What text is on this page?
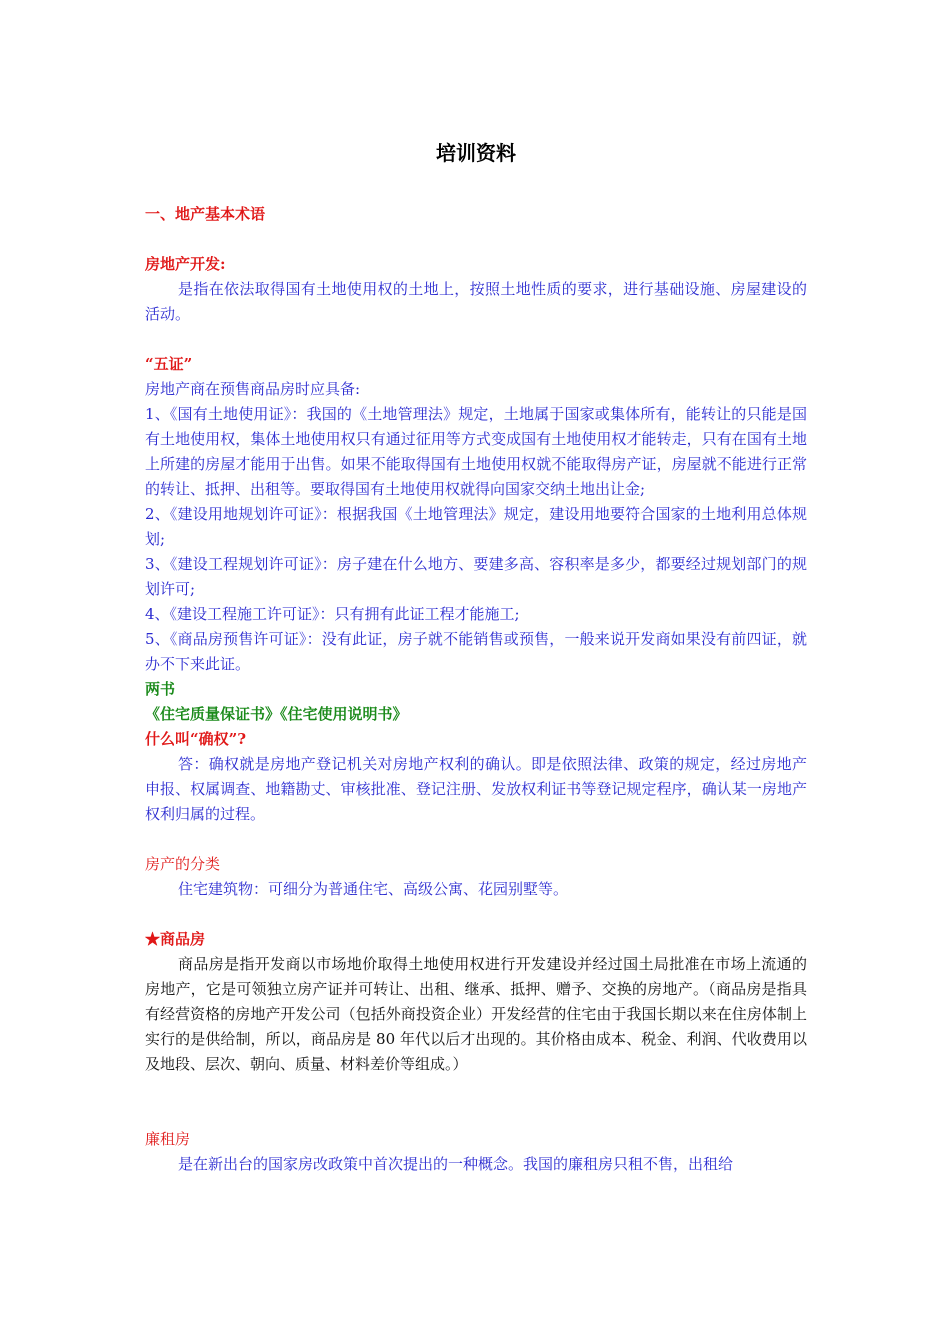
培训资料

一、地产基本术语

房地产开发:

是指在依法取得国有土地使用权的土地上，按照土地性质的要求，进行基础设施、房屋建设的活动。

“五证”

房地产商在预售商品房时应具备:

1、《国有土地使用证》：我国的《土地管理法》规定，土地属于国家或集体所有，能转让的只能是国有土地使用权，集体土地使用权只有通过征用等方式变成国有土地使用权才能转走，只有在国有土地上所建的房屋才能用于出售。如果不能取得国有土地使用权就不能取得房产证，房屋就不能进行正常的转让、抵押、出租等。要取得国有土地使用权就得向国家交纳土地出让金;

2、《建设用地规划许可证》：根据我国《土地管理法》规定，建设用地要符合国家的土地利用总体规划;

3、《建设工程规划许可证》：房子建在什么地方、要建多高、容积率是多少，都要经过规划部门的规划许可;

4、《建设工程施工许可证》：只有拥有此证工程才能施工;

5、《商品房预售许可证》：没有此证，房子就不能销售或预售，一般来说开发商如果没有前四证，就办不下来此证。

两书

《住宅质量保证书》《住宅使用说明书》

什么叫“确权”?

答：确权就是房地产登记机关对房地产权利的确认。即是依照法律、政策的规定，经过房地产申报、权属调查、地籍勘丈、审核批准、登记注册、发放权利证书等登记规定程序，确认某一房地产权利归属的过程。

房产的分类

住宅建筑物：可细分为普通住宅、高级公寓、花园别墅等。

★商品房

商品房是指开发商以市场地价取得土地使用权进行开发建设并经过国土局批准在市场上流通的房地产，它是可领独立房产证并可转让、出租、继承、抵押、赠予、交换的房地产。（商品房是指具有经营资格的房地产开发公司（包括外商投资企业）开发经营的住宅由于我国长期以来在住房体制上实行的是供给制，所以，商品房是 80 年代以后才出现的。其价格由成本、税金、利润、代收费用以及地段、层次、朝向、质量、材料差价等组成。）

廉租房

是在新出台的国家房改政策中首次提出的一种概念。我国的廉租房只租不售，出租给
